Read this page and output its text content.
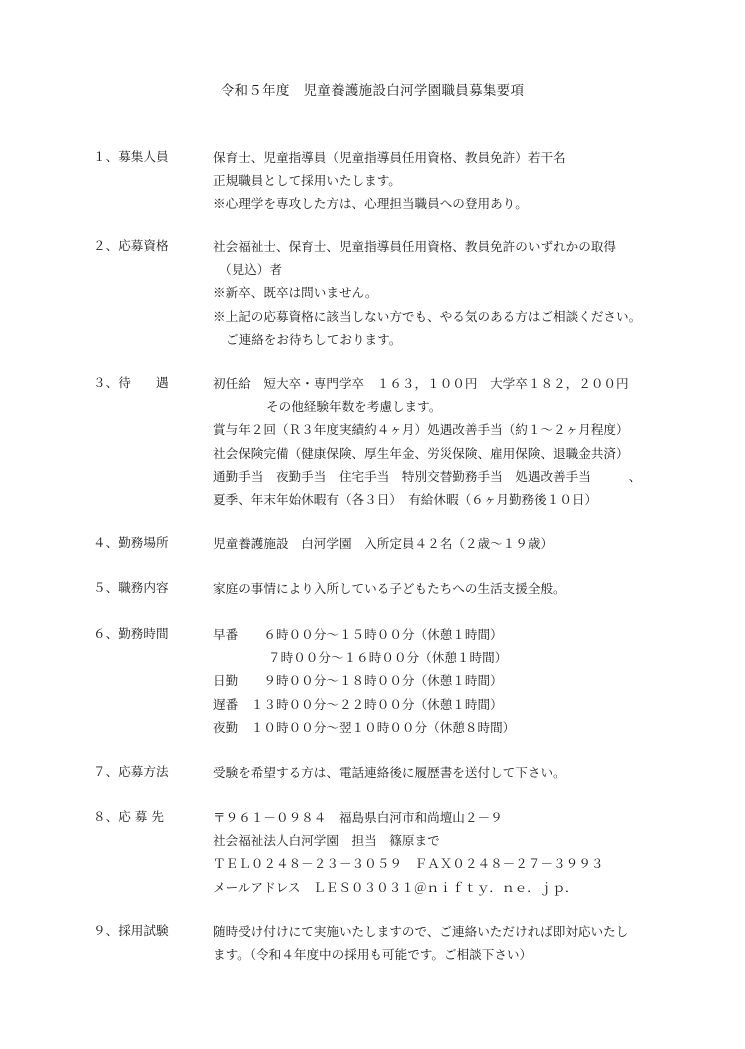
令和５年度　児童養護施設白河学園職員募集要項
１、募集人員	保育士、児童指導員（児童指導員任用資格、教員免許）若干名
正規職員として採用いたします。
※心理学を専攻した方は、心理担当職員への登用あり。
２、応募資格	社会福祉士、保育士、児童指導員任用資格、教員免許のいずれかの取得
（見込）者
※新卒、既卒は問いません。
※上記の応募資格に該当しない方でも、やる気のある方はご相談ください。
ご連絡をお待ちしております。
３、待　　遇	初任給　短大卒・専門学卒　１６３，１００円　大学卒１８２，２００円
その他経験年数を考慮します。
賞与年２回（Ｒ３年度実績約４ヶ月）処遇改善手当（約１～２ヶ月程度）
社会保険完備（健康保険、厚生年金、労災保険、雇用保険、退職金共済）
通勤手当　夜勤手当　住宅手当　特別交替勤務手当　処遇改善手当　　　、
夏季、年末年始休暇有（各３日）　有給休暇（６ヶ月勤務後１０日）
４、勤務場所	児童養護施設　白河学園　入所定員４２名（２歳～１９歳）
５、職務内容	家庭の事情により入所している子どもたちへの生活支援全般。
６、勤務時間	早番　　６時００分～１５時００分（休憩１時間）
７時００分～１６時００分（休憩１時間）
日勤　　９時００分～１８時００分（休憩１時間）
遅番　１３時００分～２２時００分（休憩１時間）
夜勤　１０時００分～翌１０時００分（休憩８時間）
７、応募方法	受験を希望する方は、電話連絡後に履歴書を送付して下さい。
８、応 募 先	〒９６１－０９８４　福島県白河市和尚壇山２－９
社会福祉法人白河学園　担当　篠原まで
ＴＥＬ０２４８－２３－３０５９　ＦＡＸ０２４８－２７－３９９３
メールアドレス　ＬＥＳ０３０３１＠ｎｉｆｔｙ．ｎｅ．ｊｐ．
９、採用試験	随時受け付けにて実施いたしますので、ご連絡いただければ即対応いたし
ます。（令和４年度中の採用も可能です。ご相談下さい）
